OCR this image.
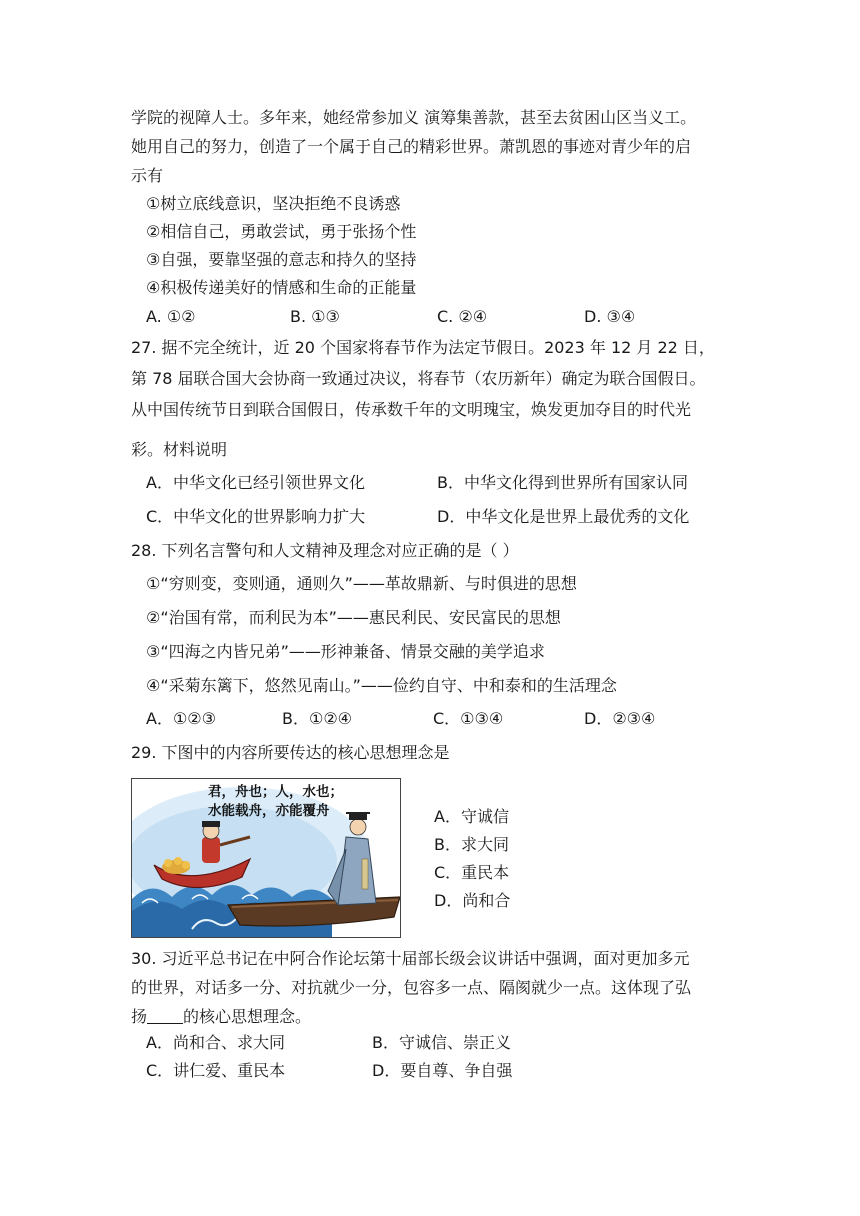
学院的视障人士。多年来，她经常参加义 演筹集善款，甚至去贫困山区当义工。
她用自己的努力，创造了一个属于自己的精彩世界。萧凯恩的事迹对青少年的启
示有
①树立底线意识，坚决拒绝不良诱惑
②相信自己，勇敢尝试，勇于张扬个性
③自强，要靠坚强的意志和持久的坚持
④积极传递美好的情感和生命的正能量
A. ①②	B. ①③	C. ②④	D. ③④
27. 据不完全统计，近 20 个国家将春节作为法定节假日。2023 年 12 月 22 日，
第 78 届联合国大会协商一致通过决议，将春节（农历新年）确定为联合国假日。
从中国传统节日到联合国假日，传承数千年的文明瑰宝，焕发更加夺目的时代光
彩。材料说明
A．中华文化已经引领世界文化	B．中华文化得到世界所有国家认同
C．中华文化的世界影响力扩大	D．中华文化是世界上最优秀的文化
28. 下列名言警句和人文精神及理念对应正确的是（ ）
①“穷则变，变则通，通则久”——革故鼎新、与时俱进的思想
②“治国有常，而利民为本”——惠民利民、安民富民的思想
③“四海之内皆兄弟”——形神兼备、情景交融的美学追求
④“采菊东篱下，悠然见南山。”——俭约自守、中和泰和的生活理念
A．①②③	B．①②④	C．①③④	D．②③④
29. 下图中的内容所要传达的核心思想理念是
君，舟也；人，水也；
水能载舟，亦能覆舟	A．守诚信
B．求大同
C．重民本
D．尚和合
30. 习近平总书记在中阿合作论坛第十届部长级会议讲话中强调，面对更加多元
的世界，对话多一分、对抗就少一分，包容多一点、隔阂就少一点。这体现了弘
扬 的核心思想理念。
A．尚和合、求大同	B．守诚信、崇正义
C．讲仁爱、重民本	D．要自尊、争自强
